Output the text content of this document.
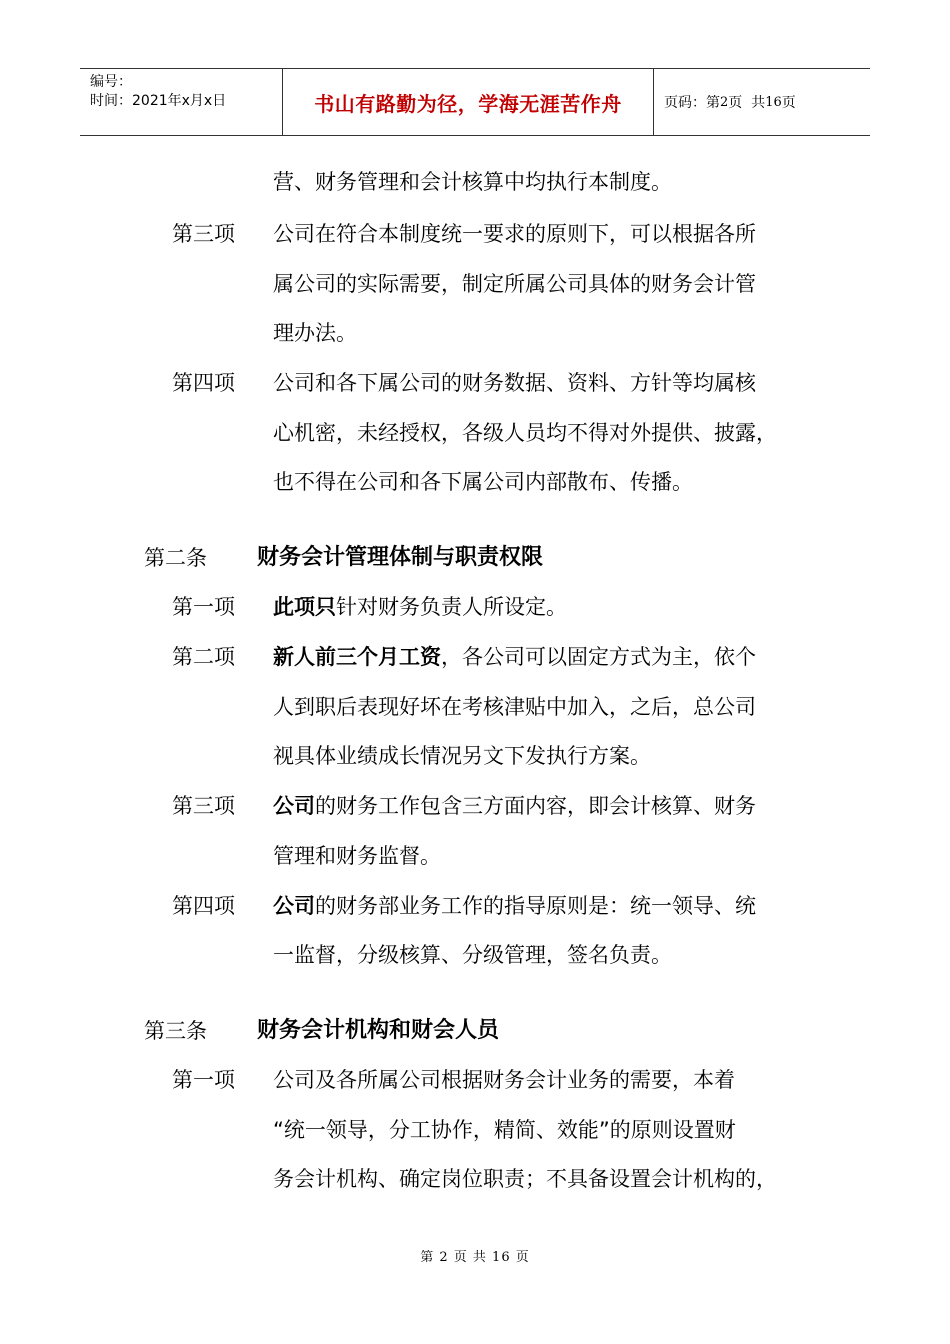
编号：
时间：2021年x月x日	书山有路勤为径，学海无涯苦作舟	页码：第 2 页  共 16 页
营、财务管理和会计核算中均执行本制度。
第三项 公司在符合本制度统一要求的原则下，可以根据各所
属公司的实际需要，制定所属公司具体的财务会计管
理办法。
第四项 公司和各下属公司的财务数据、资料、方针等均属核
心机密，未经授权，各级人员均不得对外提供、披露，
也不得在公司和各下属公司内部散布、传播。
第二条 财务会计管理体制与职责权限
第一项 此项只针对财务负责人所设定。
第二项 新人前三个月工资，各公司可以固定方式为主，依个
人到职后表现好坏在考核津贴中加入，之后，总公司
视具体业绩成长情况另文下发执行方案。
第三项 公司的财务工作包含三方面内容，即会计核算、财务
管理和财务监督。
第四项 公司的财务部业务工作的指导原则是：统一领导、统
一监督，分级核算、分级管理，签名负责。
第三条 财务会计机构和财会人员
第一项 公司及各所属公司根据财务会计业务的需要，本着
“统一领导，分工协作，精简、效能”的原则设置财
务会计机构、确定岗位职责；不具备设置会计机构的，
第 2 页 共 16 页
